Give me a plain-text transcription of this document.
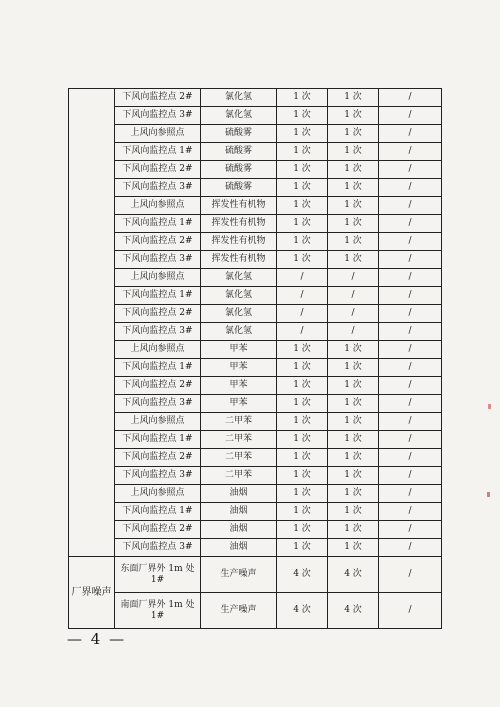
	下风向监控点 2#	氯化氢	1 次	1 次	/
	下风向监控点 3#	氯化氢	1 次	1 次	/
	上风向参照点	硫酸雾	1 次	1 次	/
	下风向监控点 1#	硫酸雾	1 次	1 次	/
	下风向监控点 2#	硫酸雾	1 次	1 次	/
	下风向监控点 3#	硫酸雾	1 次	1 次	/
	上风向参照点	挥发性有机物	1 次	1 次	/
	下风向监控点 1#	挥发性有机物	1 次	1 次	/
	下风向监控点 2#	挥发性有机物	1 次	1 次	/
	下风向监控点 3#	挥发性有机物	1 次	1 次	/
	上风向参照点	氯化氢	/	/	/
	下风向监控点 1#	氯化氢	/	/	/
	下风向监控点 2#	氯化氢	/	/	/
	下风向监控点 3#	氯化氢	/	/	/
	上风向参照点	甲苯	1 次	1 次	/
	下风向监控点 1#	甲苯	1 次	1 次	/
	下风向监控点 2#	甲苯	1 次	1 次	/
	下风向监控点 3#	甲苯	1 次	1 次	/
	上风向参照点	二甲苯	1 次	1 次	/
	下风向监控点 1#	二甲苯	1 次	1 次	/
	下风向监控点 2#	二甲苯	1 次	1 次	/
	下风向监控点 3#	二甲苯	1 次	1 次	/
	上风向参照点	油烟	1 次	1 次	/
	下风向监控点 1#	油烟	1 次	1 次	/
	下风向监控点 2#	油烟	1 次	1 次	/
	下风向监控点 3#	油烟	1 次	1 次	/
厂界噪声	东面厂界外 1m 处 1#	生产噪声	4 次	4 次	/
	南面厂界外 1m 处 1#	生产噪声	4 次	4 次	/
— 4 —
